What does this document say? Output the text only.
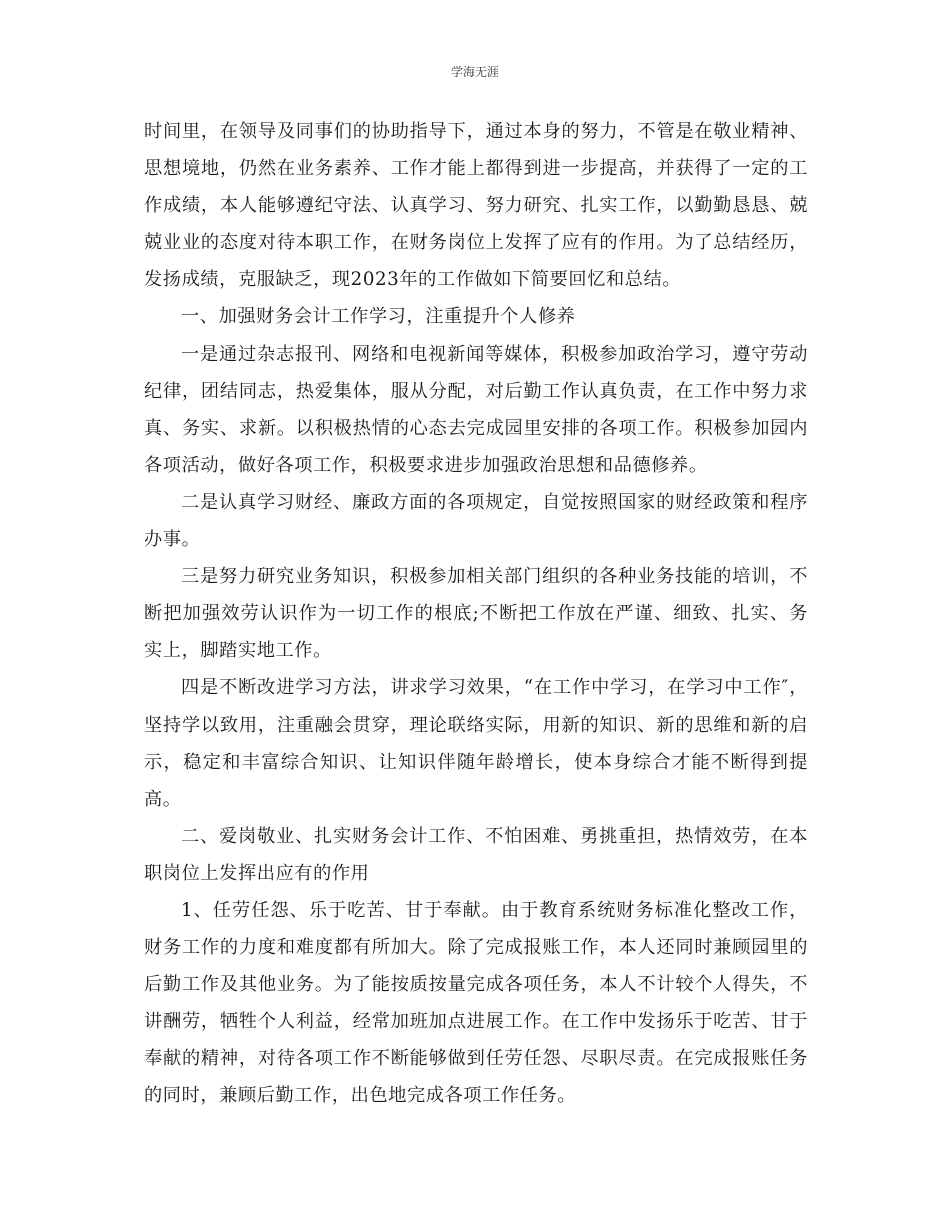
学海无涯

时间里，在领导及同事们的协助指导下，通过本身的努力，不管是在敬业精神、思想境地，仍然在业务素养、工作才能上都得到进一步提高，并获得了一定的工作成绩，本人能够遵纪守法、认真学习、努力研究、扎实工作，以勤勤恳恳、兢兢业业的态度对待本职工作，在财务岗位上发挥了应有的作用。为了总结经历，发扬成绩，克服缺乏，现2023年的工作做如下简要回忆和总结。

一、加强财务会计工作学习，注重提升个人修养

一是通过杂志报刊、网络和电视新闻等媒体，积极参加政治学习，遵守劳动纪律，团结同志，热爱集体，服从分配，对后勤工作认真负责，在工作中努力求真、务实、求新。以积极热情的心态去完成园里安排的各项工作。积极参加园内各项活动，做好各项工作，积极要求进步加强政治思想和品德修养。

二是认真学习财经、廉政方面的各项规定，自觉按照国家的财经政策和程序办事。

三是努力研究业务知识，积极参加相关部门组织的各种业务技能的培训，不断把加强效劳认识作为一切工作的根底;不断把工作放在严谨、细致、扎实、务实上，脚踏实地工作。

四是不断改进学习方法，讲求学习效果，“在工作中学习，在学习中工作″，坚持学以致用，注重融会贯穿，理论联络实际，用新的知识、新的思维和新的启示，稳定和丰富综合知识、让知识伴随年龄增长，使本身综合才能不断得到提高。

二、爱岗敬业、扎实财务会计工作、不怕困难、勇挑重担，热情效劳，在本职岗位上发挥出应有的作用

1、任劳任怨、乐于吃苦、甘于奉献。由于教育系统财务标准化整改工作，财务工作的力度和难度都有所加大。除了完成报账工作，本人还同时兼顾园里的后勤工作及其他业务。为了能按质按量完成各项任务，本人不计较个人得失，不讲酬劳，牺牲个人利益，经常加班加点进展工作。在工作中发扬乐于吃苦、甘于奉献的精神，对待各项工作不断能够做到任劳任怨、尽职尽责。在完成报账任务的同时，兼顾后勤工作，出色地完成各项工作任务。
